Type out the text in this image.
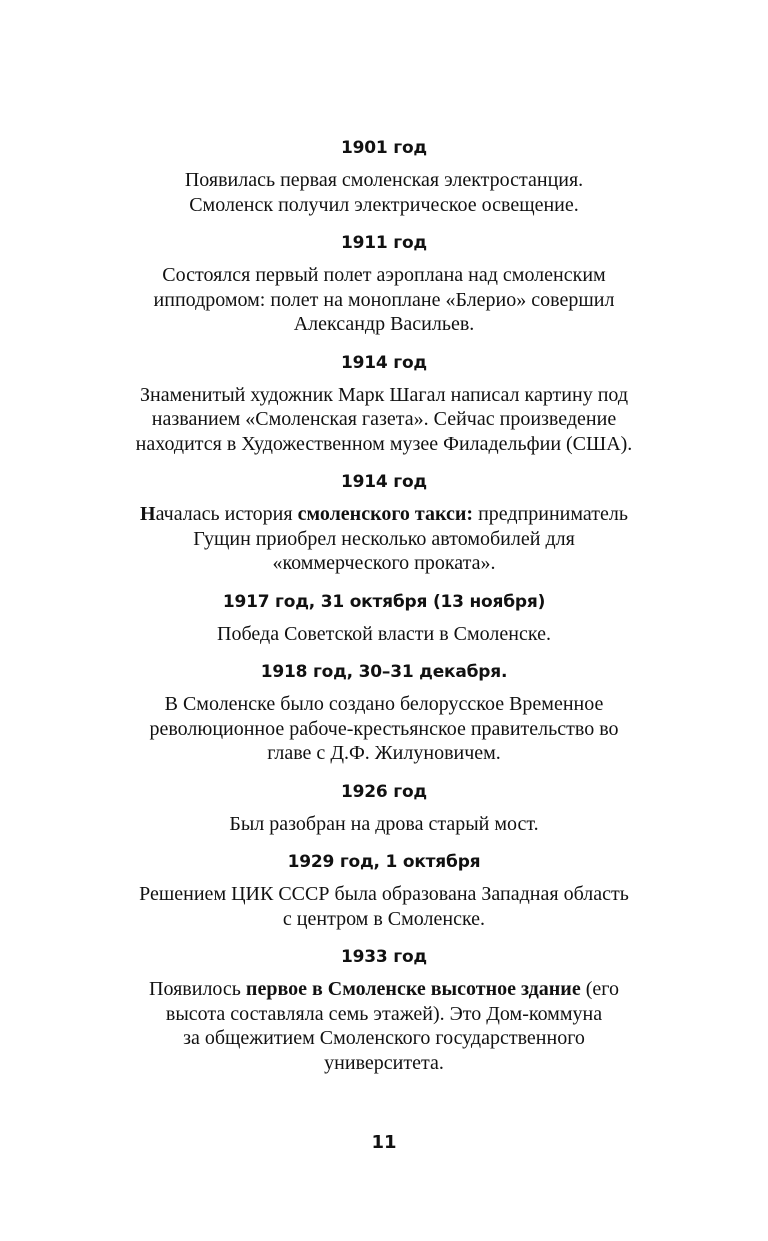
1901 год
Появилась первая смоленская электростанция.
Смоленск получил электрическое освещение.
1911 год
Состоялся первый полет аэроплана над смоленским
ипподромом: полет на моноплане «Блерио» совершил
Александр Васильев.
1914 год
Знаменитый художник Марк Шагал написал картину под
названием «Смоленская газета». Сейчас произведение
находится в Художественном музее Филадельфии (США).
1914 год
Началась история смоленского такси: предприниматель
Гущин приобрел несколько автомобилей для
«коммерческого проката».
1917 год, 31 октября (13 ноября)
Победа Советской власти в Смоленске.
1918 год, 30–31 декабря.
В Смоленске было создано белорусское Временное
революционное рабоче-крестьянское правительство во
главе с Д.Ф. Жилуновичем.
1926 год
Был разобран на дрова старый мост.
1929 год, 1 октября
Решением ЦИК СССР была образована Западная область
с центром в Смоленске.
1933 год
Появилось первое в Смоленске высотное здание (его
высота составляла семь этажей). Это Дом-коммуна
за общежитием Смоленского государственного
университета.
11
